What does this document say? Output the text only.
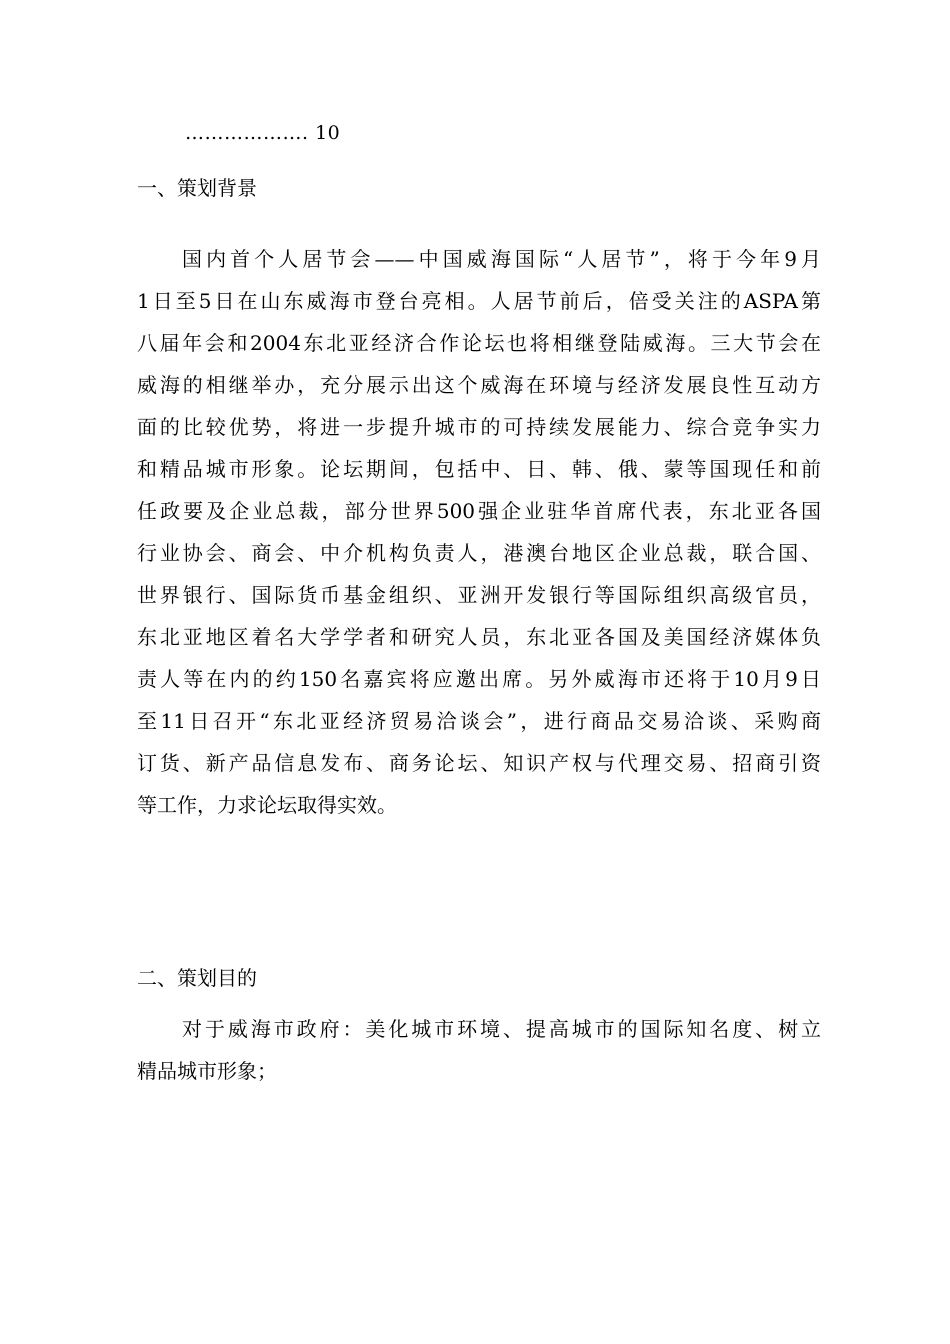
………………. 10
一、策划背景
国内首个人居节会——中国威海国际“人居节”，将于今年9月
1日至5日在山东威海市登台亮相。人居节前后，倍受关注的ASPA第
八届年会和2004东北亚经济合作论坛也将相继登陆威海。三大节会在
威海的相继举办，充分展示出这个威海在环境与经济发展良性互动方
面的比较优势，将进一步提升城市的可持续发展能力、综合竞争实力
和精品城市形象。论坛期间，包括中、日、韩、俄、蒙等国现任和前
任政要及企业总裁，部分世界500强企业驻华首席代表，东北亚各国
行业协会、商会、中介机构负责人，港澳台地区企业总裁，联合国、
世界银行、国际货币基金组织、亚洲开发银行等国际组织高级官员，
东北亚地区着名大学学者和研究人员，东北亚各国及美国经济媒体负
责人等在内的约150名嘉宾将应邀出席。另外威海市还将于10月9日
至11日召开“东北亚经济贸易洽谈会”，进行商品交易洽谈、采购商
订货、新产品信息发布、商务论坛、知识产权与代理交易、招商引资
等工作，力求论坛取得实效。
二、策划目的
对于威海市政府：美化城市环境、提高城市的国际知名度、树立
精品城市形象；
